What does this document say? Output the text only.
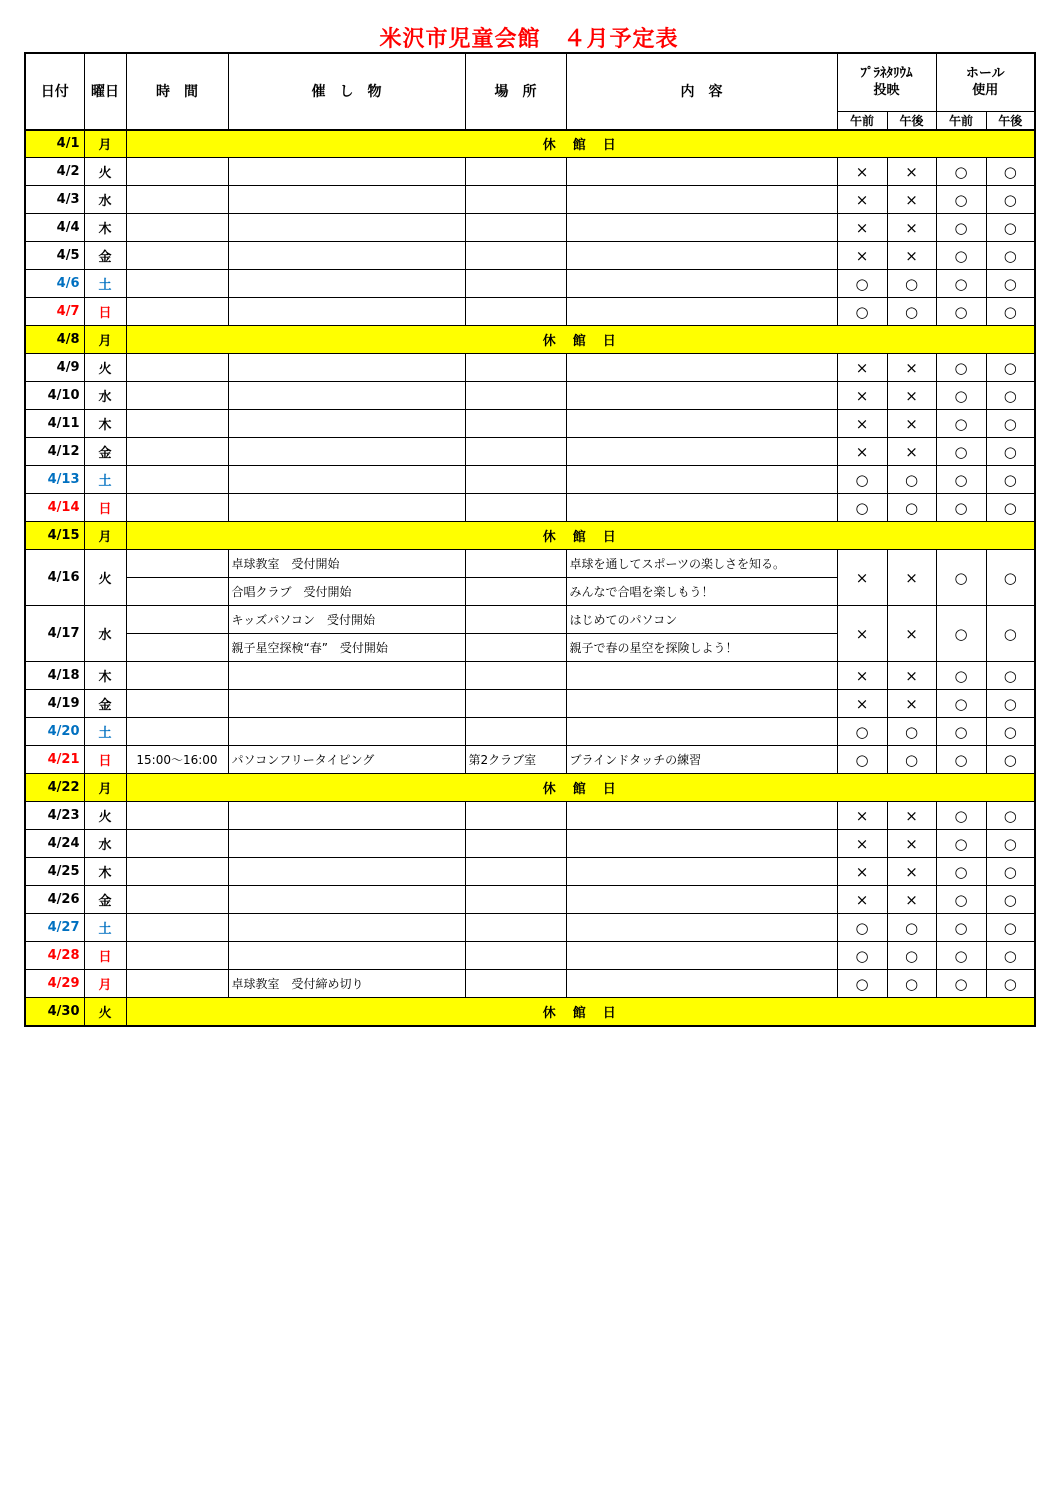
米沢市児童会館　４月予定表
日付	曜日	時　間	催　し　物	場　所	内　容	ﾌﾟﾗﾈﾀﾘｳﾑ
投映		ホール
使用	
						午前	午後	午前	午後
4/1	月	休　館　日							
4/2	火					×	×	○	○
4/3	水					×	×	○	○
4/4	木					×	×	○	○
4/5	金					×	×	○	○
4/6	土					○	○	○	○
4/7	日					○	○	○	○
4/8	月	休　館　日							
4/9	火					×	×	○	○
4/10	水					×	×	○	○
4/11	木					×	×	○	○
4/12	金					×	×	○	○
4/13	土					○	○	○	○
4/14	日					○	○	○	○
4/15	月	休　館　日							
4/16	火		卓球教室　受付開始		卓球を通してスポーツの楽しさを知る。	×	×	○	○
			合唱クラブ　受付開始		みんなで合唱を楽しもう！				
4/17	水		キッズパソコン　受付開始		はじめてのパソコン	×	×	○	○
			親子星空探検“春”　受付開始		親子で春の星空を探険しよう！				
4/18	木					×	×	○	○
4/19	金					×	×	○	○
4/20	土					○	○	○	○
4/21	日	15:00～16:00	パソコンフリータイピング	第2クラブ室	ブラインドタッチの練習	○	○	○	○
4/22	月	休　館　日							
4/23	火					×	×	○	○
4/24	水					×	×	○	○
4/25	木					×	×	○	○
4/26	金					×	×	○	○
4/27	土					○	○	○	○
4/28	日					○	○	○	○
4/29	月		卓球教室　受付締め切り			○	○	○	○
4/30	火	休　館　日							
